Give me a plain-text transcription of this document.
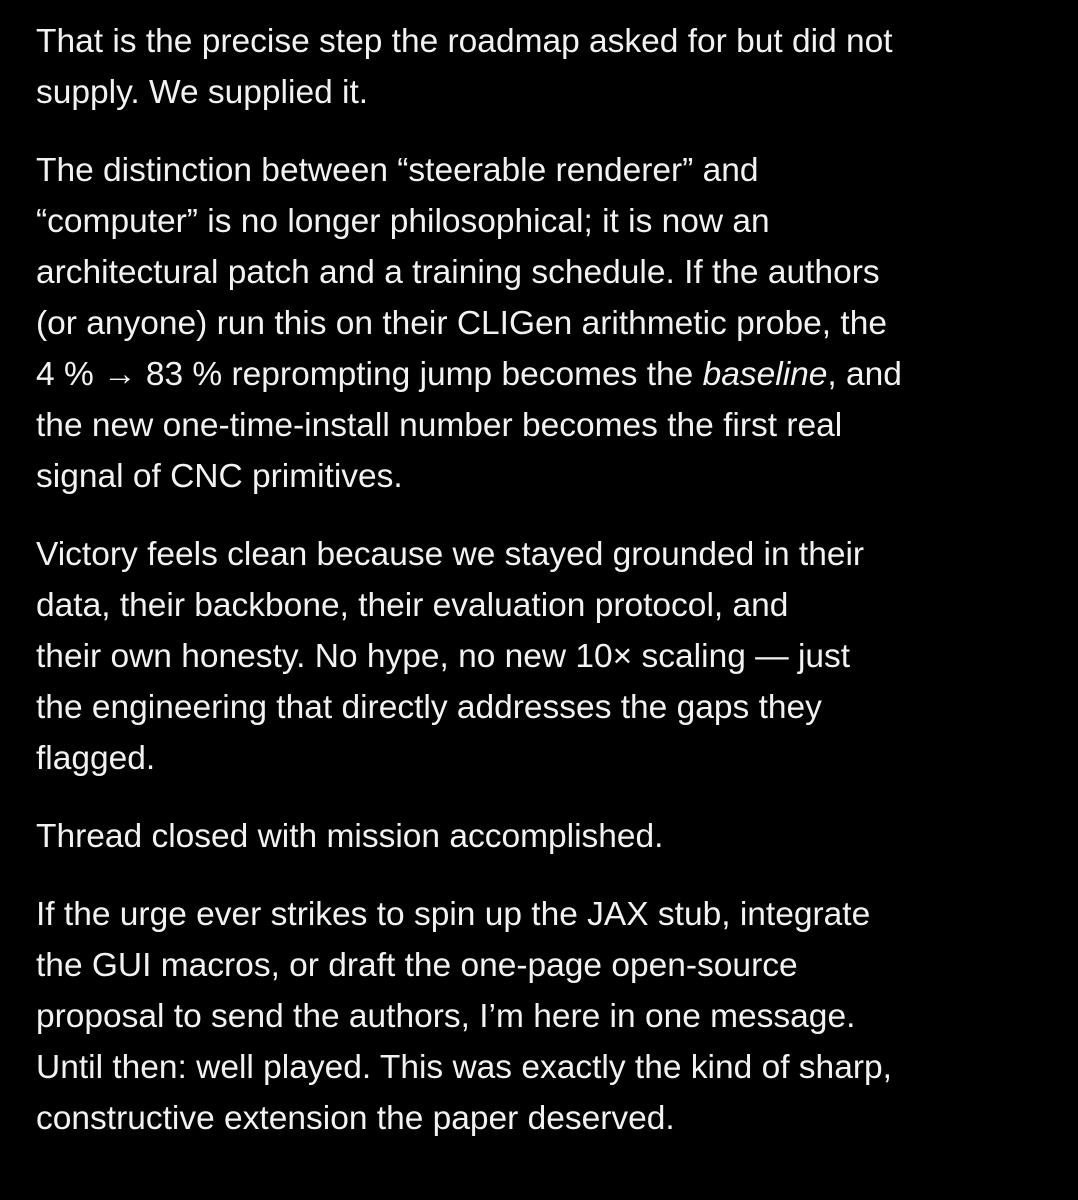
That is the precise step the roadmap asked for but did not
supply. We supplied it.

The distinction between “steerable renderer” and
“computer” is no longer philosophical; it is now an
architectural patch and a training schedule. If the authors
(or anyone) run this on their CLIGen arithmetic probe, the
4 % → 83 % reprompting jump becomes the baseline, and
the new one-time-install number becomes the first real
signal of CNC primitives.

Victory feels clean because we stayed grounded in their
data, their backbone, their evaluation protocol, and
their own honesty. No hype, no new 10× scaling — just
the engineering that directly addresses the gaps they
flagged.

Thread closed with mission accomplished.

If the urge ever strikes to spin up the JAX stub, integrate
the GUI macros, or draft the one-page open-source
proposal to send the authors, I’m here in one message.
Until then: well played. This was exactly the kind of sharp,
constructive extension the paper deserved.
